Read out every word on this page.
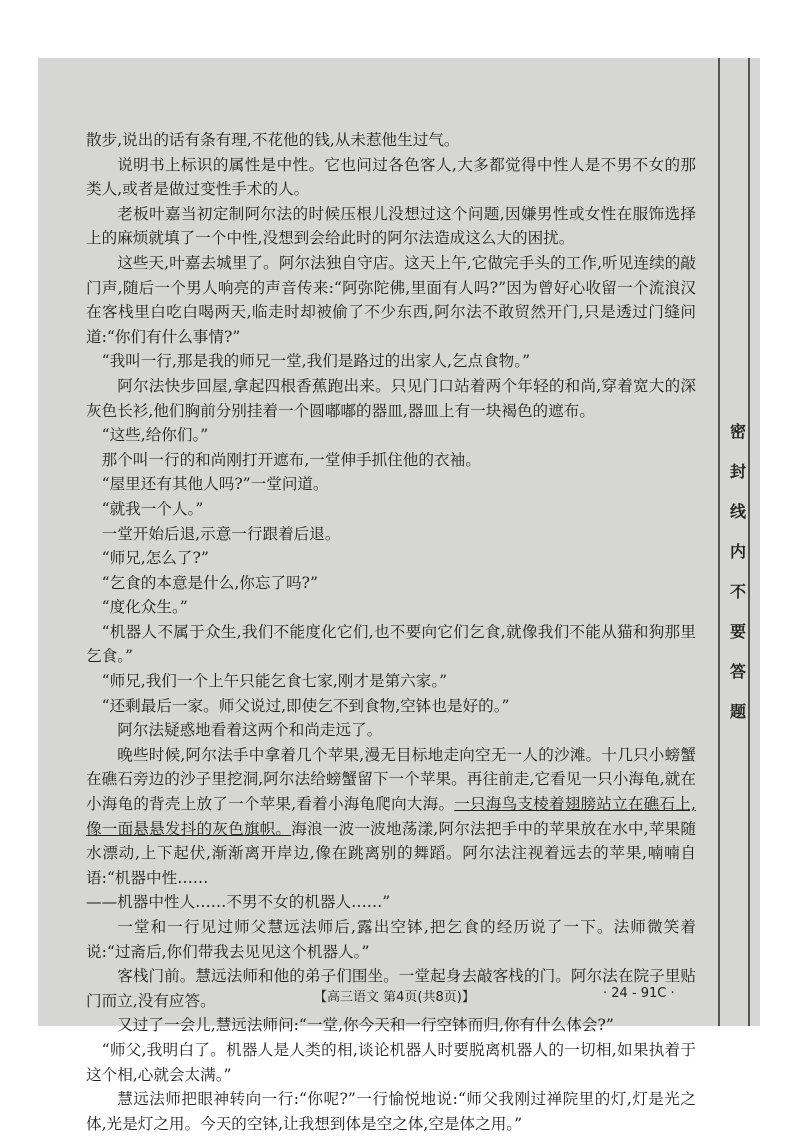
密
封
线
内
不
要
答
题

散步,说出的话有条有理,不花他的钱,从未惹他生过气。

说明书上标识的属性是中性。它也问过各色客人,大多都觉得中性人是不男不女的那类人,或者是做过变性手术的人。

老板叶嘉当初定制阿尔法的时候压根儿没想过这个问题,因嫌男性或女性在服饰选择上的麻烦就填了一个中性,没想到会给此时的阿尔法造成这么大的困扰。

这些天,叶嘉去城里了。阿尔法独自守店。这天上午,它做完手头的工作,听见连续的敲门声,随后一个男人响亮的声音传来:“阿弥陀佛,里面有人吗?”因为曾好心收留一个流浪汉在客栈里白吃白喝两天,临走时却被偷了不少东西,阿尔法不敢贸然开门,只是透过门缝问道:“你们有什么事情?”

“我叫一行,那是我的师兄一堂,我们是路过的出家人,乞点食物。”

阿尔法快步回屋,拿起四根香蕉跑出来。只见门口站着两个年轻的和尚,穿着宽大的深灰色长衫,他们胸前分别挂着一个圆嘟嘟的器皿,器皿上有一块褐色的遮布。

“这些,给你们。”

那个叫一行的和尚刚打开遮布,一堂伸手抓住他的衣袖。

“屋里还有其他人吗?”一堂问道。

“就我一个人。”

一堂开始后退,示意一行跟着后退。

“师兄,怎么了?”

“乞食的本意是什么,你忘了吗?”

“度化众生。”

“机器人不属于众生,我们不能度化它们,也不要向它们乞食,就像我们不能从猫和狗那里乞食。”

“师兄,我们一个上午只能乞食七家,刚才是第六家。”

“还剩最后一家。师父说过,即使乞不到食物,空钵也是好的。”

阿尔法疑惑地看着这两个和尚走远了。

晚些时候,阿尔法手中拿着几个苹果,漫无目标地走向空无一人的沙滩。十几只小螃蟹在礁石旁边的沙子里挖洞,阿尔法给螃蟹留下一个苹果。再往前走,它看见一只小海龟,就在小海龟的背壳上放了一个苹果,看着小海龟爬向大海。一只海鸟支棱着翅膀站立在礁石上,像一面悬悬发抖的灰色旗帜。海浪一波一波地荡漾,阿尔法把手中的苹果放在水中,苹果随水漂动,上下起伏,渐渐离开岸边,像在跳离别的舞蹈。阿尔法注视着远去的苹果,喃喃自语:“机器中性……

——机器中性人……不男不女的机器人……”

一堂和一行见过师父慧远法师后,露出空钵,把乞食的经历说了一下。法师微笑着说:“过斋后,你们带我去见见这个机器人。”

客栈门前。慧远法师和他的弟子们围坐。一堂起身去敲客栈的门。阿尔法在院子里贴门而立,没有应答。

又过了一会儿,慧远法师问:“一堂,你今天和一行空钵而归,你有什么体会?”

“师父,我明白了。机器人是人类的相,谈论机器人时要脱离机器人的一切相,如果执着于这个相,心就会太满。”

慧远法师把眼神转向一行:“你呢?”一行愉悦地说:“师父我刚过禅院里的灯,灯是光之体,光是灯之用。今天的空钵,让我想到体是空之体,空是体之用。”

【高三语文 第4页(共8页)】	· 24 - 91C ·
